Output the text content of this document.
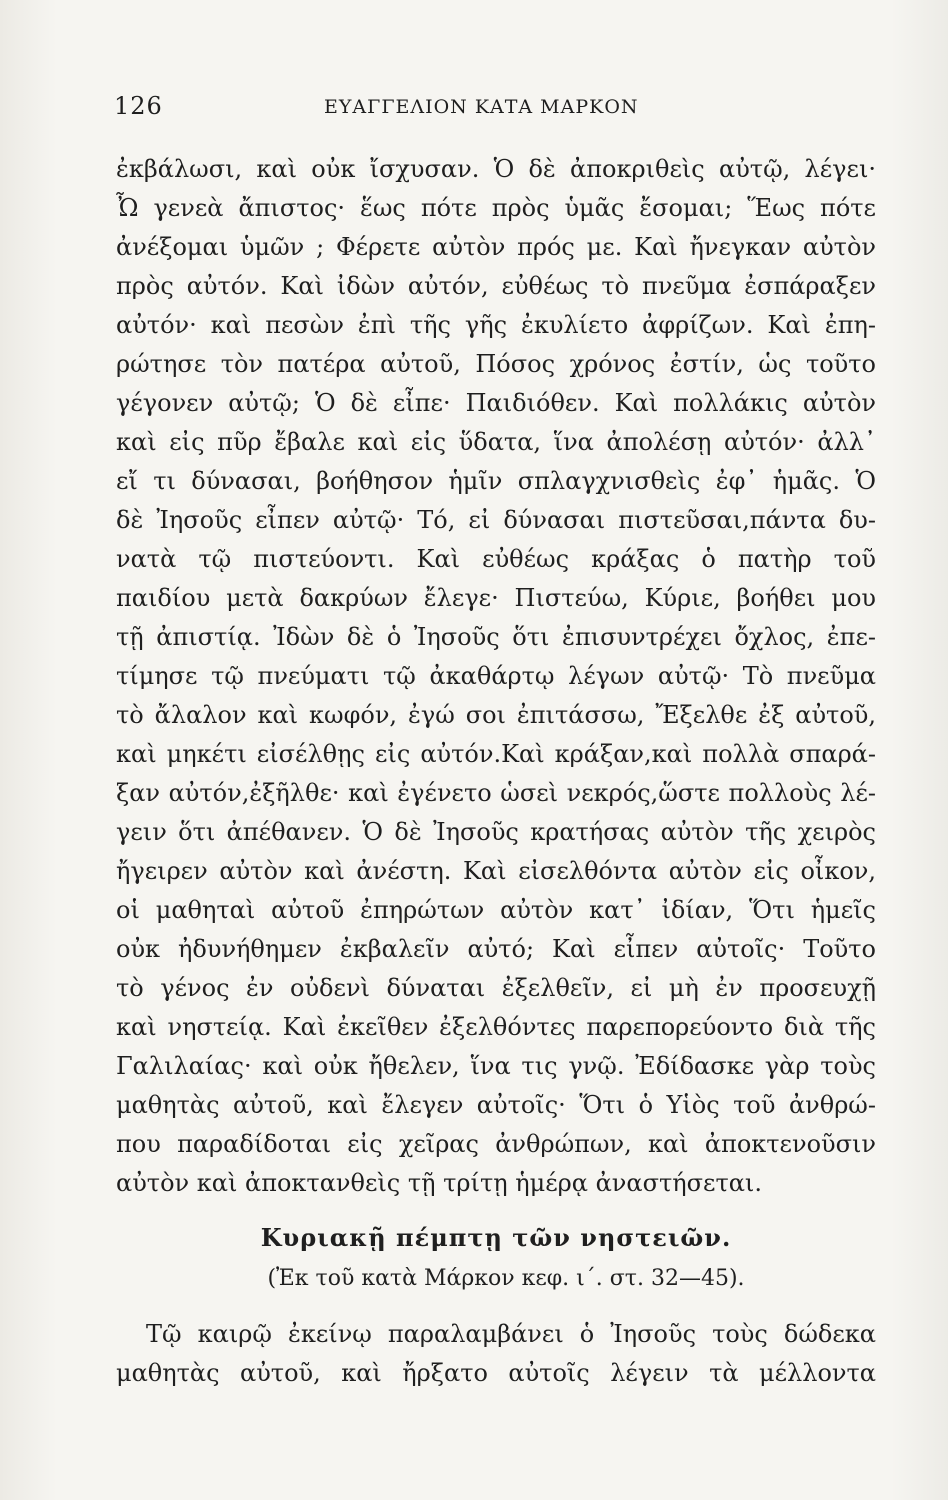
126	ΕΥΑΓΓΕΛΙΟΝ ΚΑΤΑ ΜΑΡΚΟΝ
ἐκβάλωσι, καὶ οὐκ ἴσχυσαν. Ὁ δὲ ἀποκριθεὶς αὐτῷ, λέγει·
Ὦ γενεὰ ἄπιστος· ἕως πότε πρὸς ὑμᾶς ἔσομαι; Ἕως πότε
ἀνέξομαι ὑμῶν ; Φέρετε αὐτὸν πρός με. Καὶ ἤνεγκαν αὐτὸν
πρὸς αὐτόν. Καὶ ἰδὼν αὐτόν, εὐθέως τὸ πνεῦμα ἐσπάραξεν
αὐτόν· καὶ πεσὼν ἐπὶ τῆς γῆς ἐκυλίετο ἀφρίζων. Καὶ ἐπη-
ρώτησε τὸν πατέρα αὐτοῦ, Πόσος χρόνος ἐστίν, ὡς τοῦτο
γέγονεν αὐτῷ; Ὁ δὲ εἶπε· Παιδιόθεν. Καὶ πολλάκις αὐτὸν
καὶ εἰς πῦρ ἔβαλε καὶ εἰς ὕδατα, ἵνα ἀπολέσῃ αὐτόν· ἀλλ᾽
εἴ τι δύνασαι, βοήθησον ἡμῖν σπλαγχνισθεὶς ἐφ᾽ ἡμᾶς. Ὁ
δὲ Ἰησοῦς εἶπεν αὐτῷ· Τό, εἰ δύνασαι πιστεῦσαι,πάντα δυ-
νατὰ τῷ πιστεύοντι. Καὶ εὐθέως κράξας ὁ πατὴρ τοῦ
παιδίου μετὰ δακρύων ἔλεγε· Πιστεύω, Κύριε, βοήθει μου
τῇ ἀπιστίᾳ. Ἰδὼν δὲ ὁ Ἰησοῦς ὅτι ἐπισυντρέχει ὄχλος, ἐπε-
τίμησε τῷ πνεύματι τῷ ἀκαθάρτῳ λέγων αὐτῷ· Τὸ πνεῦμα
τὸ ἄλαλον καὶ κωφόν, ἐγώ σοι ἐπιτάσσω, Ἔξελθε ἐξ αὐτοῦ,
καὶ μηκέτι εἰσέλθῃς εἰς αὐτόν.Καὶ κράξαν,καὶ πολλὰ σπαρά-
ξαν αὐτόν,ἐξῆλθε· καὶ ἐγένετο ὡσεὶ νεκρός,ὥστε πολλοὺς λέ-
γειν ὅτι ἀπέθανεν. Ὁ δὲ Ἰησοῦς κρατήσας αὐτὸν τῆς χειρὸς
ἤγειρεν αὐτὸν καὶ ἀνέστη. Καὶ εἰσελθόντα αὐτὸν εἰς οἶκον,
οἱ μαθηταὶ αὐτοῦ ἐπηρώτων αὐτὸν κατ᾽ ἰδίαν, Ὅτι ἡμεῖς
οὐκ ἠδυνήθημεν ἐκβαλεῖν αὐτό; Καὶ εἶπεν αὐτοῖς· Τοῦτο
τὸ γένος ἐν οὐδενὶ δύναται ἐξελθεῖν, εἰ μὴ ἐν προσευχῇ
καὶ νηστείᾳ. Καὶ ἐκεῖθεν ἐξελθόντες παρεπορεύοντο διὰ τῆς
Γαλιλαίας· καὶ οὐκ ἤθελεν, ἵνα τις γνῷ. Ἐδίδασκε γὰρ τοὺς
μαθητὰς αὐτοῦ, καὶ ἔλεγεν αὐτοῖς· Ὅτι ὁ Υἱὸς τοῦ ἀνθρώ-
που παραδίδοται εἰς χεῖρας ἀνθρώπων, καὶ ἀποκτενοῦσιν
αὐτὸν καὶ ἀποκτανθεὶς τῇ τρίτῃ ἡμέρᾳ ἀναστήσεται.
Κυριακῇ πέμπτῃ τῶν νηστειῶν.
(Ἐκ τοῦ κατὰ Μάρκον κεφ. ι΄. στ. 32—45).
Τῷ καιρῷ ἐκείνῳ παραλαμβάνει ὁ Ἰησοῦς τοὺς δώδεκα
μαθητὰς αὐτοῦ, καὶ ἤρξατο αὐτοῖς λέγειν τὰ μέλλοντα
